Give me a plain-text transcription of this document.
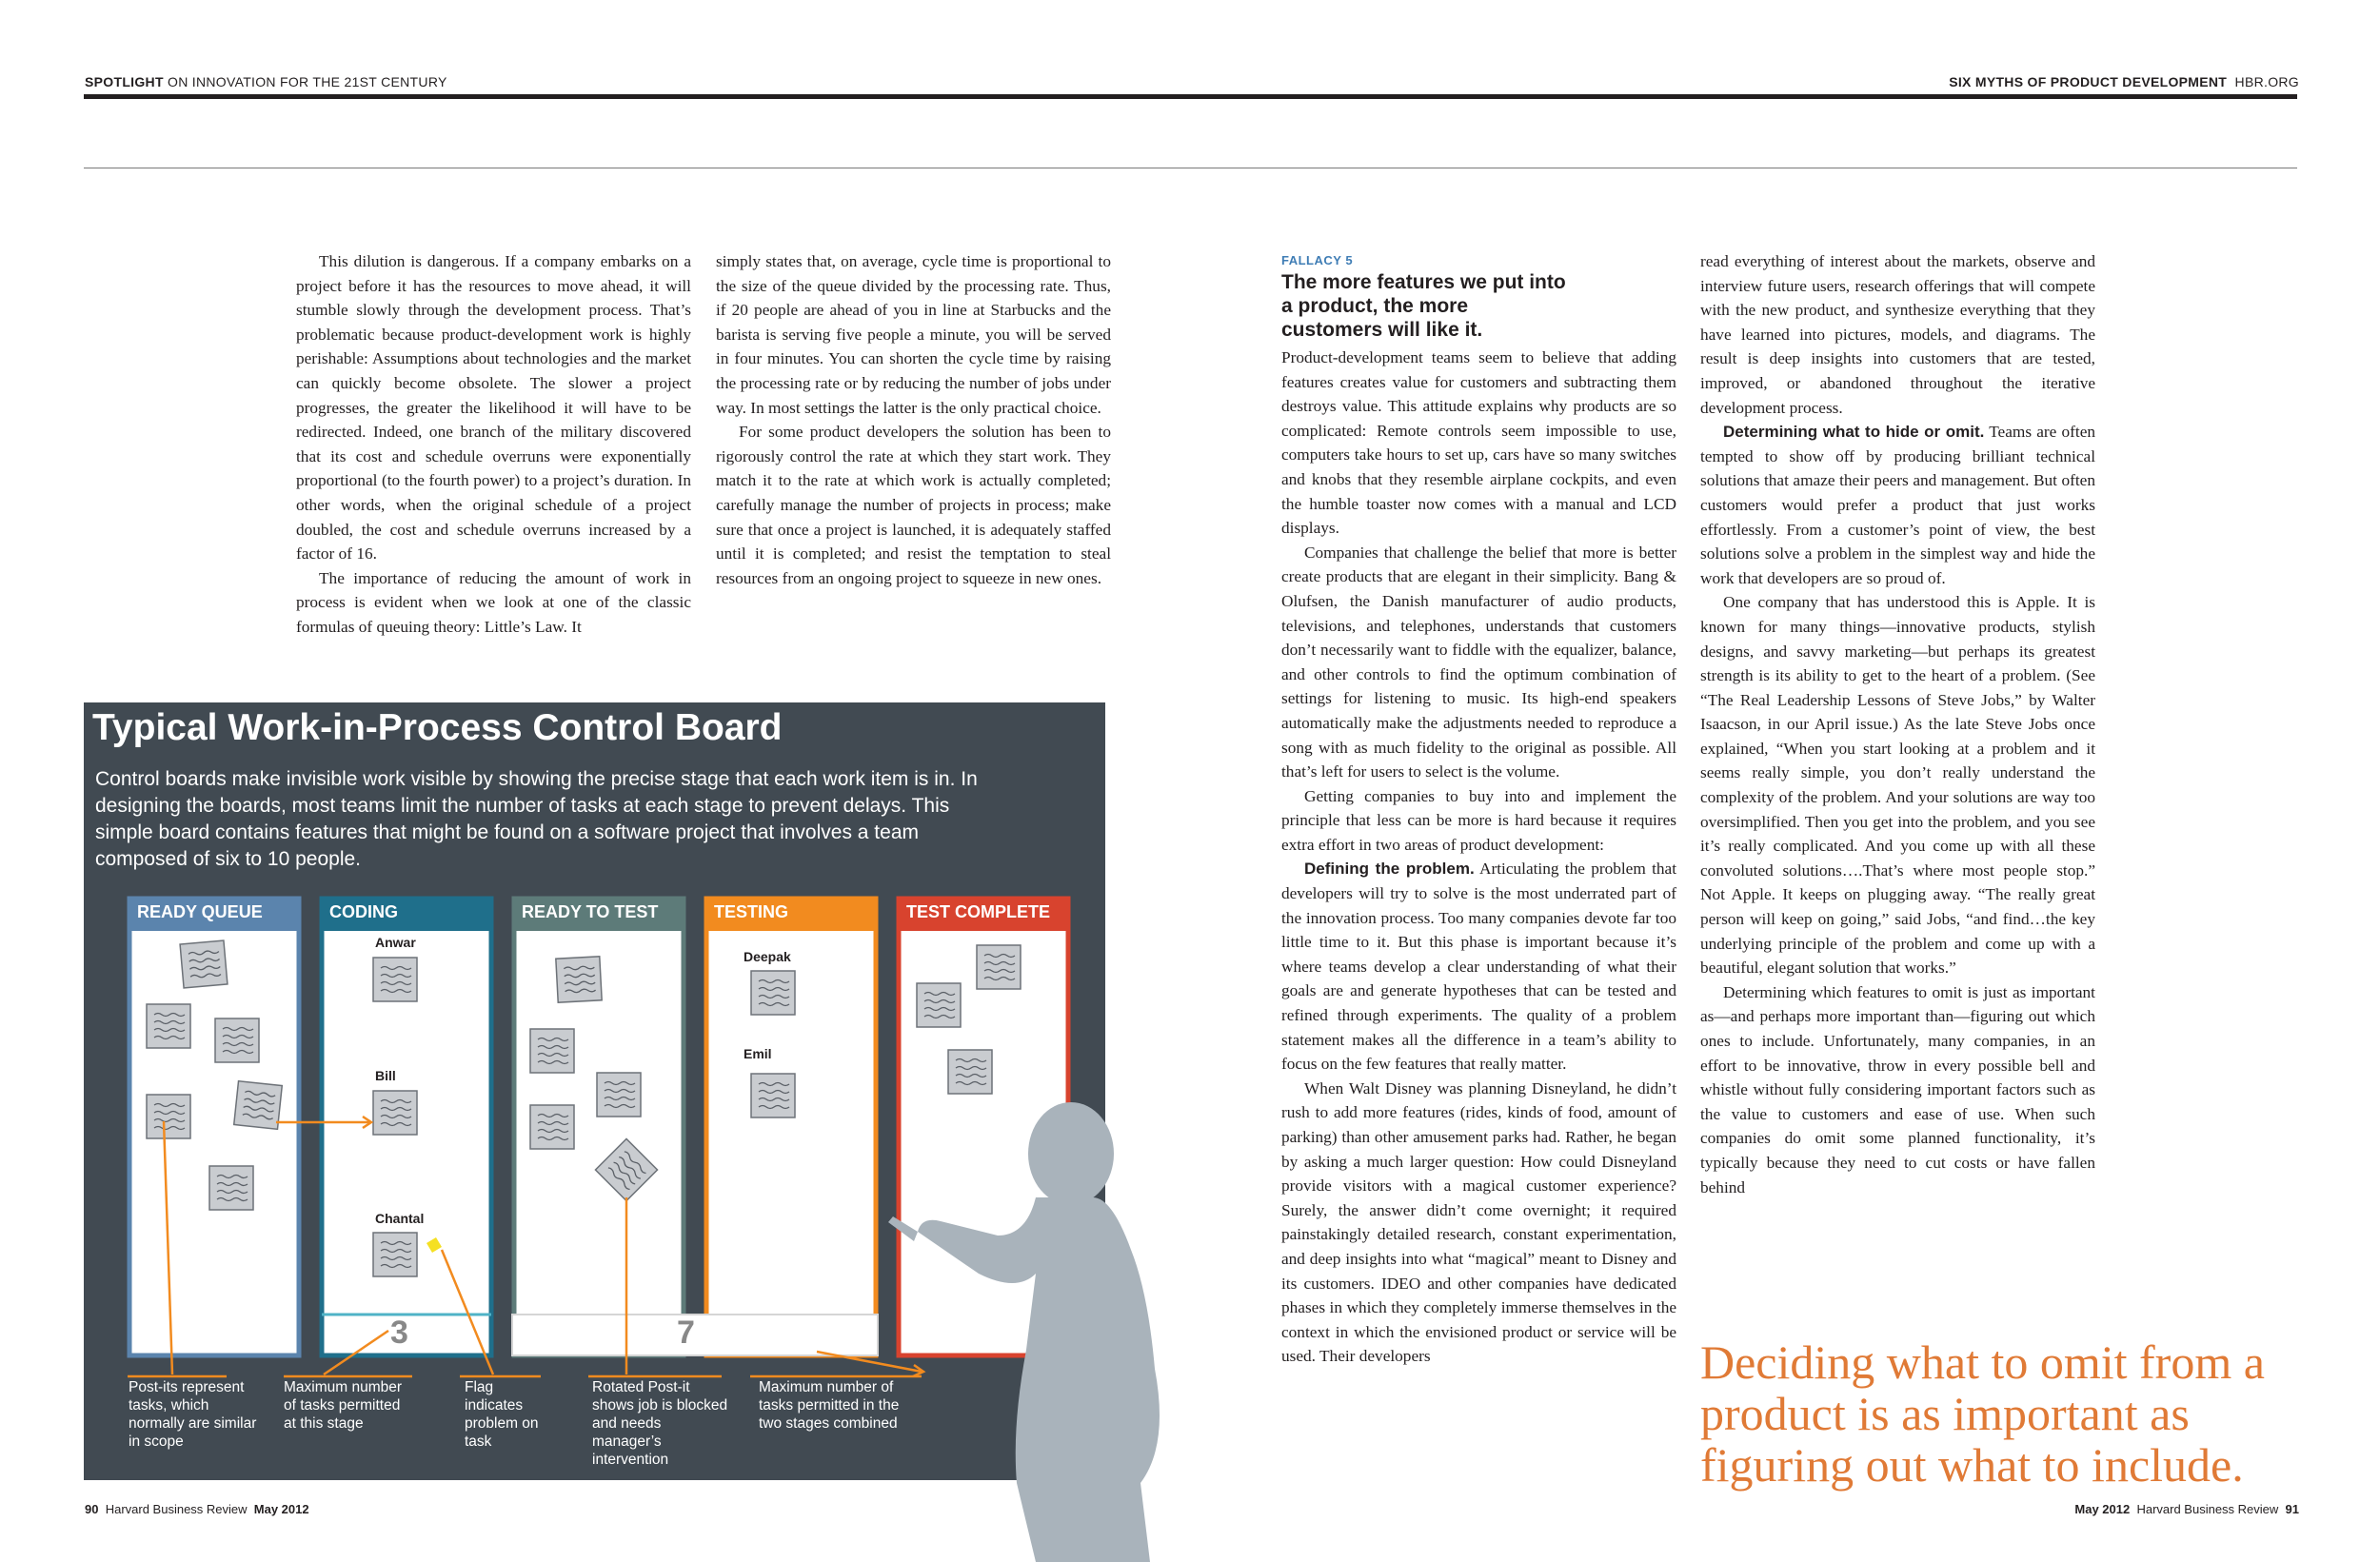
SPOTLIGHT ON INNOVATION FOR THE 21ST CENTURY	SIX MYTHS OF PRODUCT DEVELOPMENT HBR.ORG

This dilution is dangerous. If a company embarks on a project before it has the resources to move ahead, it will stumble slowly through the development process. That’s problematic because product-development work is highly perishable: Assumptions about technologies and the market can quickly become obsolete. The slower a project progresses, the greater the likelihood it will have to be redirected. Indeed, one branch of the military discovered that its cost and schedule overruns were exponentially proportional (to the fourth power) to a project’s duration. In other words, when the original schedule of a project doubled, the cost and schedule overruns increased by a factor of 16.

The importance of reducing the amount of work in process is evident when we look at one of the classic formulas of queuing theory: Little’s Law. It

simply states that, on average, cycle time is proportional to the size of the queue divided by the processing rate. Thus, if 20 people are ahead of you in line at Starbucks and the barista is serving five people a minute, you will be served in four minutes. You can shorten the cycle time by raising the processing rate or by reducing the number of jobs under way. In most settings the latter is the only practical choice.

For some product developers the solution has been to rigorously control the rate at which they start work. They match it to the rate at which work is actually completed; carefully manage the number of projects in process; make sure that once a project is launched, it is adequately staffed until it is completed; and resist the temptation to steal resources from an ongoing project to squeeze in new ones.

Typical Work-in-Process Control Board
Control boards make invisible work visible by showing the precise stage that each work item is in. In designing the boards, most teams limit the number of tasks at each stage to prevent delays. This simple board contains features that might be found on a software project that involves a team composed of six to 10 people.
READY QUEUE	CODING	READY TO TEST	TESTING	TEST COMPLETE
Anwar
Bill
Chantal
Deepak
Emil
3	7
Post-its represent tasks, which normally are similar in scope
Maximum number of tasks permitted at this stage
Flag indicates problem on task
Rotated Post-it shows job is blocked and needs manager’s intervention
Maximum number of tasks permitted in the two stages combined
FALLACY 5
The more features we put into a product, the more customers will like it.

Product-development teams seem to believe that adding features creates value for customers and subtracting them destroys value. This attitude explains why products are so complicated: Remote controls seem impossible to use, computers take hours to set up, cars have so many switches and knobs that they resemble airplane cockpits, and even the humble toaster now comes with a manual and LCD displays.

Companies that challenge the belief that more is better create products that are elegant in their simplicity. Bang & Olufsen, the Danish manufacturer of audio products, televisions, and telephones, understands that customers don’t necessarily want to fiddle with the equalizer, balance, and other controls to find the optimum combination of settings for listening to music. Its high-end speakers automatically make the adjustments needed to reproduce a song with as much fidelity to the original as possible. All that’s left for users to select is the volume.

Getting companies to buy into and implement the principle that less can be more is hard because it requires extra effort in two areas of product development:

Defining the problem. Articulating the problem that developers will try to solve is the most underrated part of the innovation process. Too many companies devote far too little time to it. But this phase is important because it’s where teams develop a clear understanding of what their goals are and generate hypotheses that can be tested and refined through experiments. The quality of a problem statement makes all the difference in a team’s ability to focus on the few features that really matter.

When Walt Disney was planning Disneyland, he didn’t rush to add more features (rides, kinds of food, amount of parking) than other amusement parks had. Rather, he began by asking a much larger question: How could Disneyland provide visitors with a magical customer experience? Surely, the answer didn’t come overnight; it required painstakingly detailed research, constant experimentation, and deep insights into what “magical” meant to Disney and its customers. IDEO and other companies have dedicated phases in which they completely immerse themselves in the context in which the envisioned product or service will be used. Their developers

read everything of interest about the markets, observe and interview future users, research offerings that will compete with the new product, and synthesize everything that they have learned into pictures, models, and diagrams. The result is deep insights into customers that are tested, improved, or abandoned throughout the iterative development process.

Determining what to hide or omit. Teams are often tempted to show off by producing brilliant technical solutions that amaze their peers and management. But often customers would prefer a product that just works effortlessly. From a customer’s point of view, the best solutions solve a problem in the simplest way and hide the work that developers are so proud of.

One company that has understood this is Apple. It is known for many things—innovative products, stylish designs, and savvy marketing—but perhaps its greatest strength is its ability to get to the heart of a problem. (See “The Real Leadership Lessons of Steve Jobs,” by Walter Isaacson, in our April issue.) As the late Steve Jobs once explained, “When you start looking at a problem and it seems really simple, you don’t really understand the complexity of the problem. And your solutions are way too oversimplified. Then you get into the problem, and you see it’s really complicated. And you come up with all these convoluted solutions….That’s where most people stop.” Not Apple. It keeps on plugging away. “The really great person will keep on going,” said Jobs, “and find…the key underlying principle of the problem and come up with a beautiful, elegant solution that works.”

Determining which features to omit is just as important as—and perhaps more important than—figuring out which ones to include. Unfortunately, many companies, in an effort to be innovative, throw in every possible bell and whistle without fully considering important factors such as the value to customers and ease of use. When such companies do omit some planned functionality, it’s typically because they need to cut costs or have fallen behind

Deciding what to omit from a product is as important as figuring out what to include.
90 Harvard Business Review May 2012	May 2012 Harvard Business Review 91
